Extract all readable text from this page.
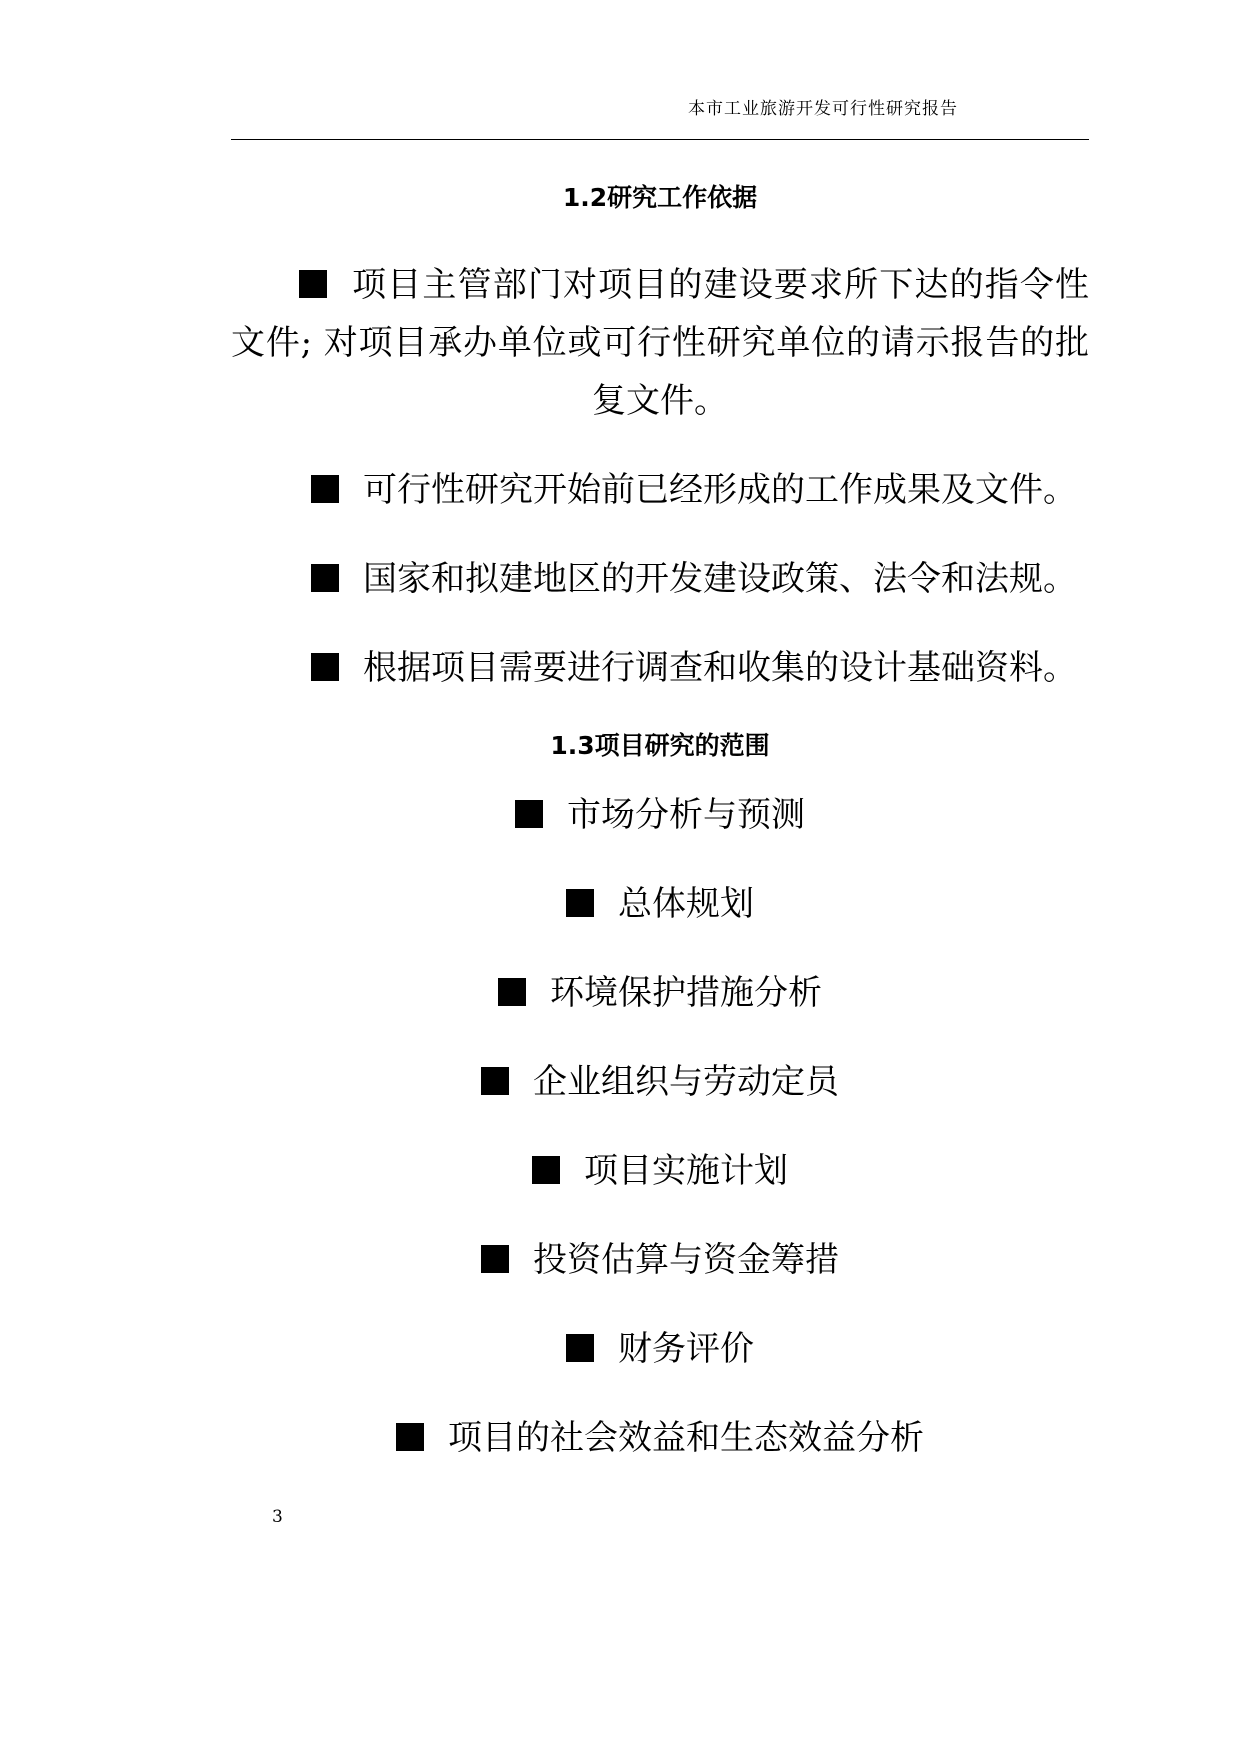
本市工业旅游开发可行性研究报告
1.2研究工作依据

项目主管部门对项目的建设要求所下达的指令性文件; 对项目承办单位或可行性研究单位的请示报告的批复文件。

可行性研究开始前已经形成的工作成果及文件。

国家和拟建地区的开发建设政策、法令和法规。

根据项目需要进行调查和收集的设计基础资料。

1.3项目研究的范围

市场分析与预测

总体规划

环境保护措施分析

企业组织与劳动定员

项目实施计划

投资估算与资金筹措

财务评价

项目的社会效益和生态效益分析

3
